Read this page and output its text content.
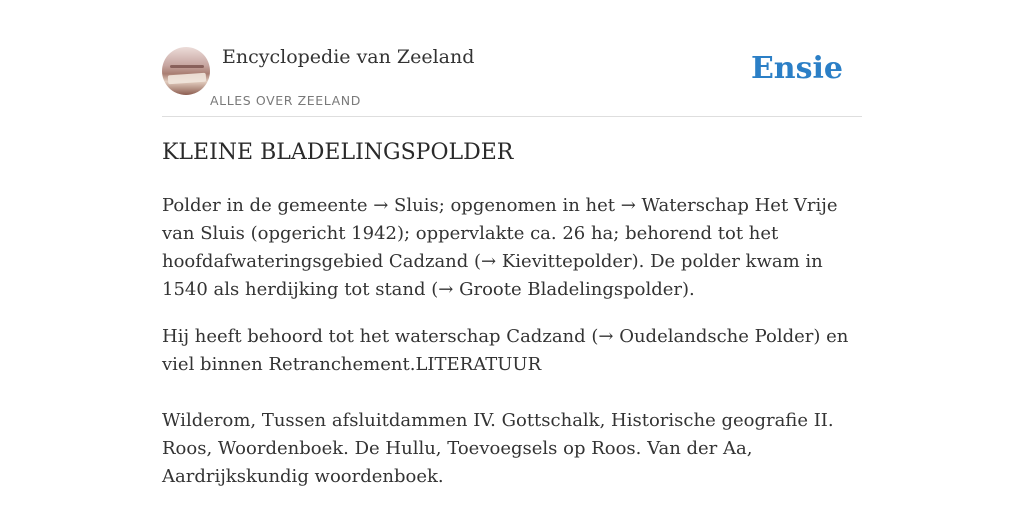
Encyclopedie van Zeeland
ALLES OVER ZEELAND
Ensie
KLEINE BLADELINGSPOLDER

Polder in de gemeente → Sluis; opgenomen in het → Waterschap Het Vrije van Sluis (opgericht 1942); oppervlakte ca. 26 ha; behorend tot het hoofdafwateringsgebied Cadzand (→ Kievittepolder). De polder kwam in 1540 als herdijking tot stand (→ Groote Bladelingspolder).

Hij heeft behoord tot het waterschap Cadzand (→ Oudelandsche Polder) en viel binnen Retranchement.LITERATUUR

Wilderom, Tussen afsluitdammen IV. Gottschalk, Historische geografie II. Roos, Woordenboek. De Hullu, Toevoegsels op Roos. Van der Aa, Aardrijkskundig woordenboek.
